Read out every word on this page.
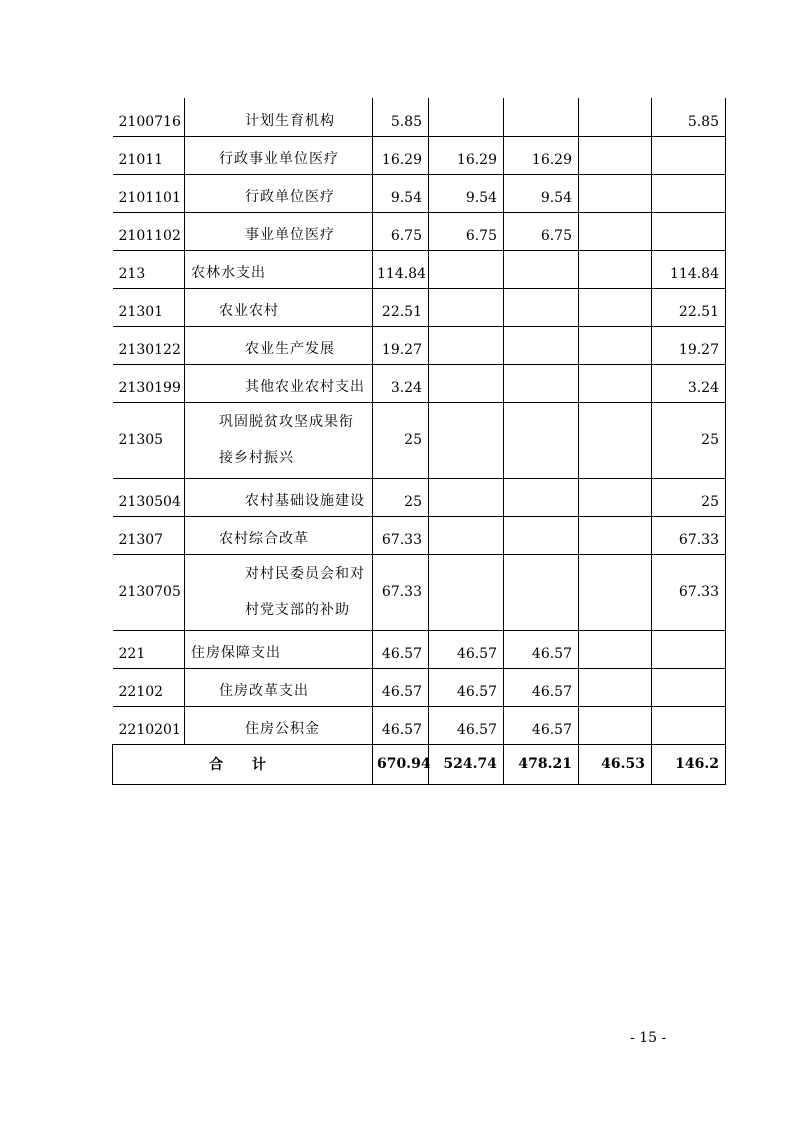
2100716	计划生育机构	5.85				5.85
21011	行政事业单位医疗	16.29	16.29	16.29		
2101101	行政单位医疗	9.54	9.54	9.54		
2101102	事业单位医疗	6.75	6.75	6.75		
213	农林水支出	114.84				114.84
21301	农业农村	22.51				22.51
2130122	农业生产发展	19.27				19.27
2130199	其他农业农村支出	3.24				3.24
21305	巩固脱贫攻坚成果衔接乡村振兴	25				25
2130504	农村基础设施建设	25				25
21307	农村综合改革	67.33				67.33
2130705	对村民委员会和对村党支部的补助	67.33				67.33
221	住房保障支出	46.57	46.57	46.57		
22102	住房改革支出	46.57	46.57	46.57		
2210201	住房公积金	46.57	46.57	46.57		
合 计		670.94	524.74	478.21	46.53	146.2
- 15 -
